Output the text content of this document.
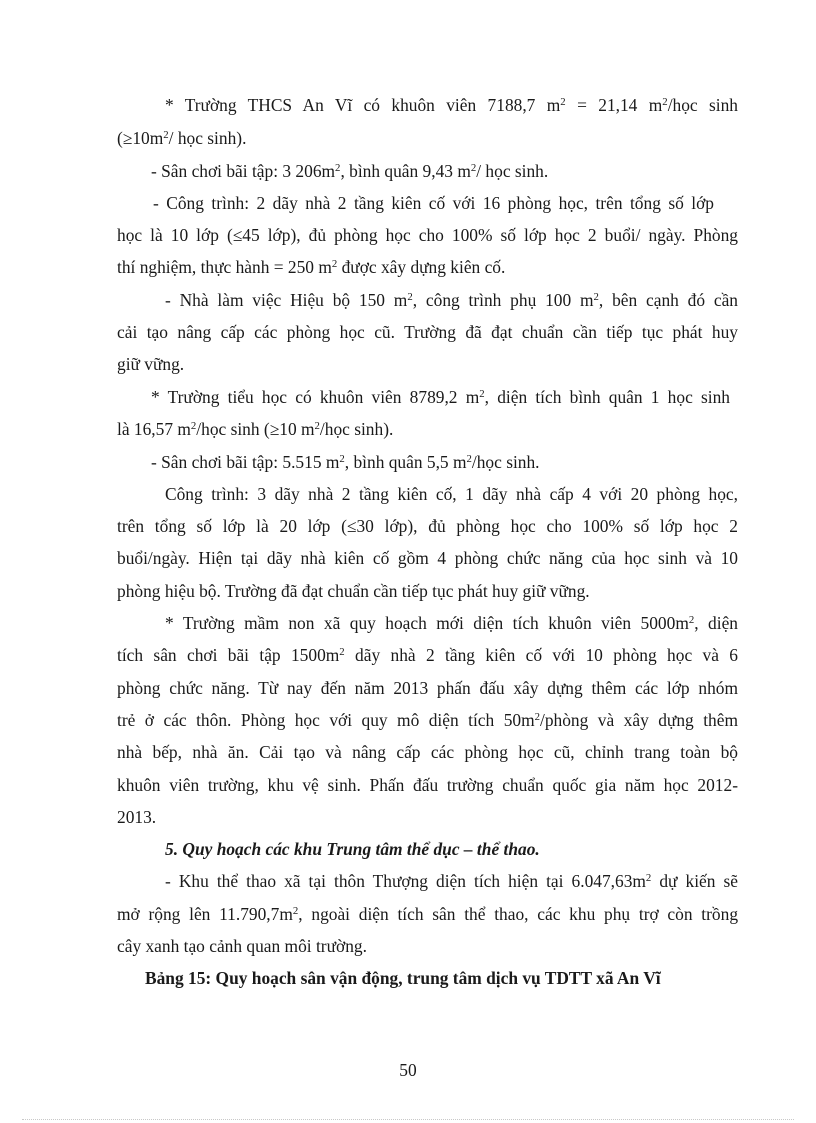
* Trường THCS An Vĩ có khuôn viên 7188,7 $m^2 = 21,14$ $m^2$/học sinh
($\ge 10m^2/$ học sinh).
- Sân chơi bãi tập: 3 $206m^2$, bình quân 9,43 $m^2/$ học sinh.
- Công trình: 2 dãy nhà 2 tầng kiên cố với 16 phòng học, trên tổng số lớp
học là 10 lớp (≤45 lớp), đủ phòng học cho 100% số lớp học 2 buổi/ ngày. Phòng
thí nghiệm, thực hành = 250 $m^2$ được xây dựng kiên cố.
- Nhà làm việc Hiệu bộ 150 $m^2$, công trình phụ 100 $m^2$, bên cạnh đó cần
cải tạo nâng cấp các phòng học cũ. Trường đã đạt chuẩn cần tiếp tục phát huy
giữ vững.
* Trường tiểu học có khuôn viên 8789,2 $m^2$, diện tích bình quân 1 học sinh
là 16,57 $m^2$/học sinh (≥10 $m^2$/học sinh).
- Sân chơi bãi tập: 5.515 $m^2$, bình quân 5,5 $m^2$/học sinh.
Công trình: 3 dãy nhà 2 tầng kiên cố, 1 dãy nhà cấp 4 với 20 phòng học,
trên tổng số lớp là 20 lớp (≤30 lớp), đủ phòng học cho 100% số lớp học 2
buổi/ngày. Hiện tại dãy nhà kiên cố gồm 4 phòng chức năng của học sinh và 10
phòng hiệu bộ. Trường đã đạt chuẩn cần tiếp tục phát huy giữ vững.
* Trường mầm non xã quy hoạch mới diện tích khuôn viên $5000m^2$, diện
tích sân chơi bãi tập $1500m^2$ dãy nhà 2 tầng kiên cố với 10 phòng học và 6
phòng chức năng. Từ nay đến năm 2013 phấn đấu xây dựng thêm các lớp nhóm
trẻ ở các thôn. Phòng học với quy mô diện tích $50m^2$/phòng và xây dựng thêm
nhà bếp, nhà ăn. Cải tạo và nâng cấp các phòng học cũ, chỉnh trang toàn bộ
khuôn viên trường, khu vệ sinh. Phấn đấu trường chuẩn quốc gia năm học 2012-
2013.
5. Quy hoạch các khu Trung tâm thể dục – thể thao.
- Khu thể thao xã tại thôn Thượng diện tích hiện tại $6.047,63m^2$ dự kiến sẽ
mở rộng lên $11.790,7m^2$, ngoài diện tích sân thể thao, các khu phụ trợ còn trồng
cây xanh tạo cảnh quan môi trường.
Bảng 15: Quy hoạch sân vận động, trung tâm dịch vụ TDTT xã An Vĩ
50
